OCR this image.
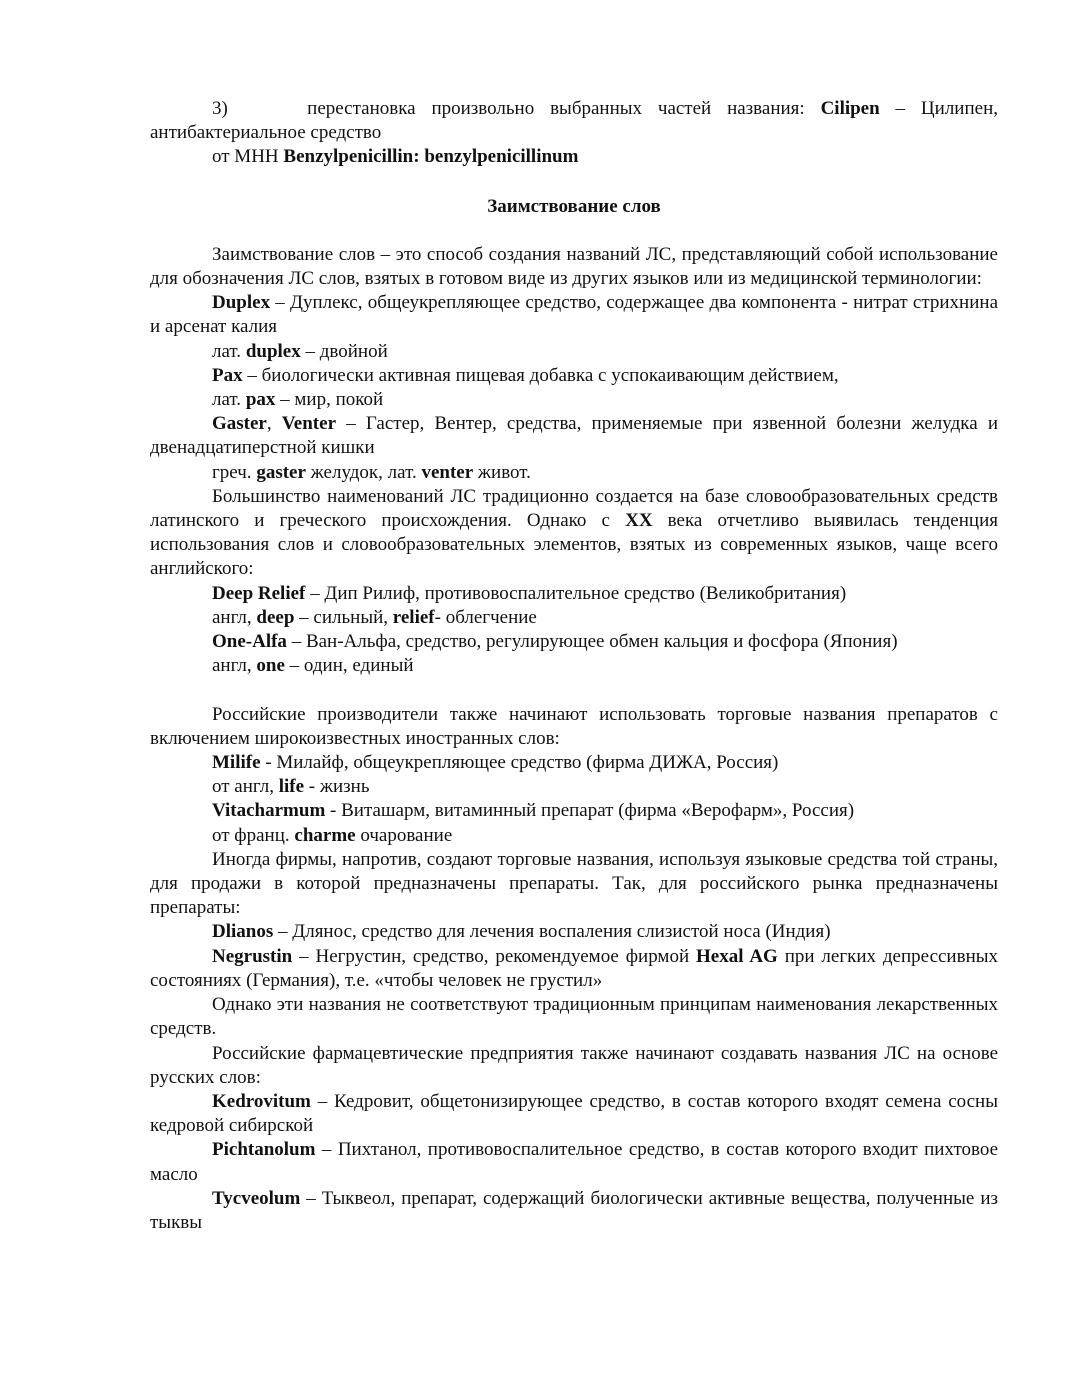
3)     перестановка произвольно выбранных частей названия: Cilipen – Цилипен, антибактериальное средство

от МНН Benzylpenicillin: benzylpenicillinum

Заимствование слов

Заимствование слов – это способ создания названий ЛС, представляющий собой использование для обозначения ЛС слов, взятых в готовом виде из других языков или из медицинской терминологии:

Duplex – Дуплекс, общеукрепляющее средство, содержащее два компонента - нитрат стрихнина и арсенат калия

лат. duplex – двойной

Pax – биологически активная пищевая добавка с успокаивающим действием,

лат. pax – мир, покой

Gaster, Venter – Гастер, Вентер, средства, применяемые при язвенной болезни желудка и двенадцатиперстной кишки

греч. gaster желудок, лат. venter живот.

Большинство наименований ЛС традиционно создается на базе словообразовательных средств латинского и греческого происхождения. Однако с XX века отчетливо выявилась тенденция использования слов и словообразовательных элементов, взятых из современных языков, чаще всего английского:

Deep Relief – Дип Рилиф, противовоспалительное средство (Великобритания)

англ, deep – сильный, relief- облегчение

One-Alfa – Ван-Альфа, средство, регулирующее обмен кальция и фосфора (Япония)

англ, one – один, единый

Российские производители также начинают использовать торговые названия препаратов с включением широкоизвестных иностранных слов:

Milife - Милайф, общеукрепляющее средство (фирма ДИЖА, Россия)

от англ, life - жизнь

Vitacharmum - Виташарм, витаминный препарат (фирма «Верофарм», Россия)

от франц. charme очарование

Иногда фирмы, напротив, создают торговые названия, используя языковые средства той страны, для продажи в которой предназначены препараты. Так, для российского рынка предназначены препараты:

Dlianos – Длянос, средство для лечения воспаления слизистой носа (Индия)

Negrustin – Негрустин, средство, рекомендуемое фирмой Hexal AG при легких депрессивных состояниях (Германия), т.е. «чтобы человек не грустил»

Однако эти названия не соответствуют традиционным принципам наименования лекарственных средств.

Российские фармацевтические предприятия также начинают создавать названия ЛС на основе русских слов:

Kedrovitum – Кедровит, общетонизирующее средство, в состав которого входят семена сосны кедровой сибирской

Pichtanolum – Пихтанол, противовоспалительное средство, в состав которого входит пихтовое масло

Tycveolum – Тыквеол, препарат, содержащий биологически активные вещества, полученные из тыквы
